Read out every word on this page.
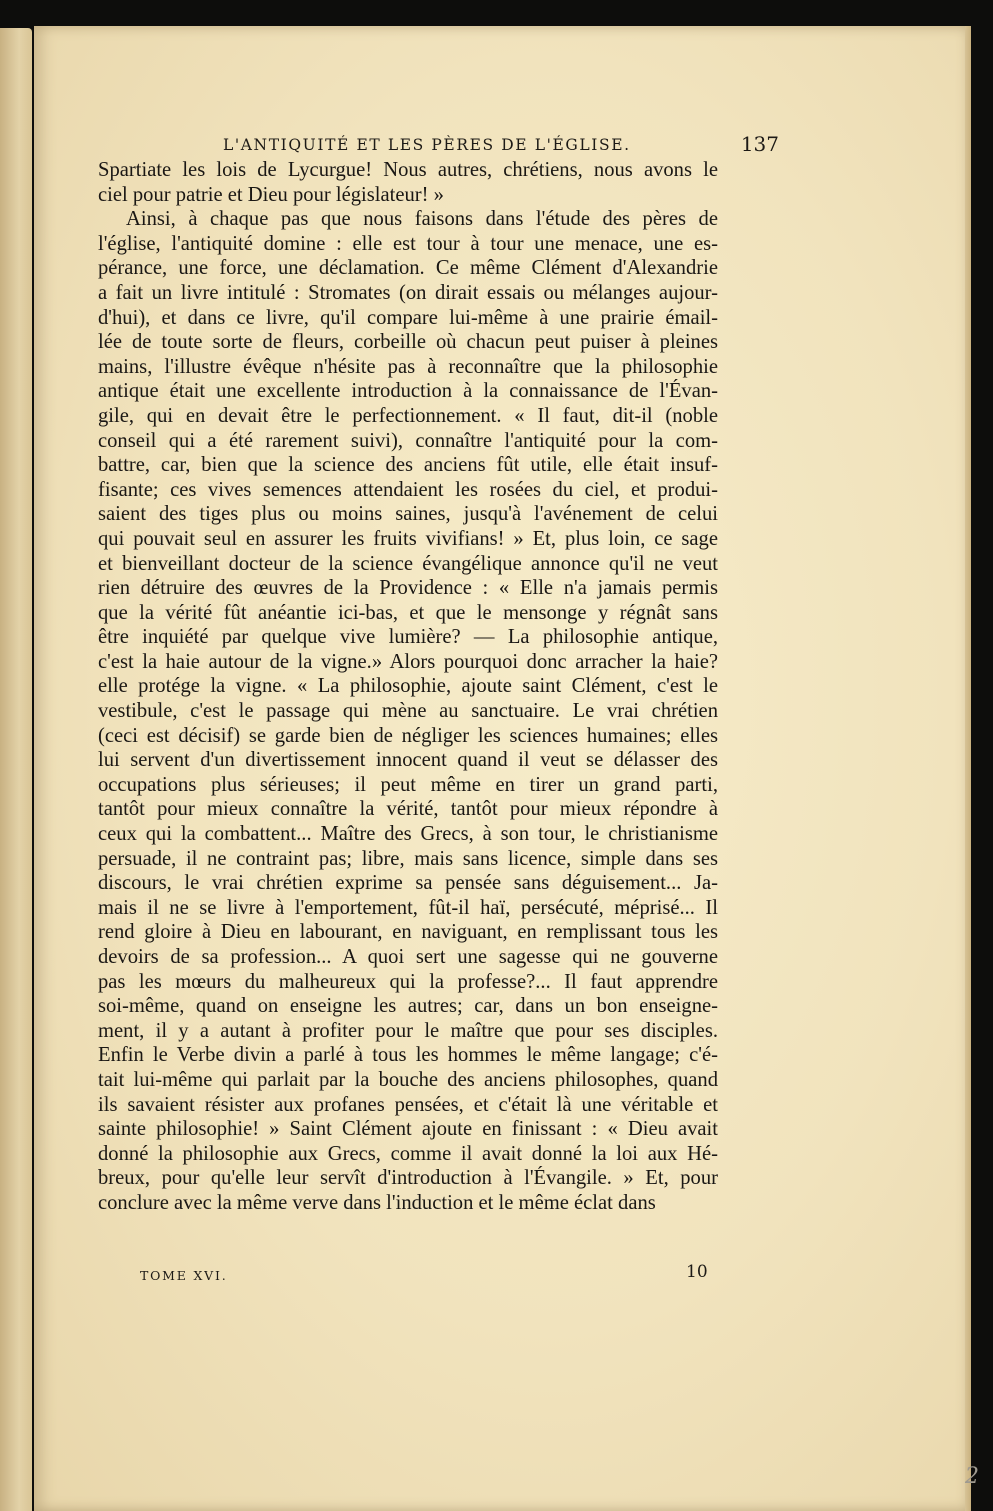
L'ANTIQUITÉ ET LES PÈRES DE L'ÉGLISE.	137
Spartiate les lois de Lycurgue! Nous autres, chrétiens, nous avons le
ciel pour patrie et Dieu pour législateur! »
Ainsi, à chaque pas que nous faisons dans l'étude des pères de
l'église, l'antiquité domine : elle est tour à tour une menace, une es-
pérance, une force, une déclamation. Ce même Clément d'Alexandrie
a fait un livre intitulé : Stromates (on dirait essais ou mélanges aujour-
d'hui), et dans ce livre, qu'il compare lui-même à une prairie émail-
lée de toute sorte de fleurs, corbeille où chacun peut puiser à pleines
mains, l'illustre évêque n'hésite pas à reconnaître que la philosophie
antique était une excellente introduction à la connaissance de l'Évan-
gile, qui en devait être le perfectionnement. « Il faut, dit-il (noble
conseil qui a été rarement suivi), connaître l'antiquité pour la com-
battre, car, bien que la science des anciens fût utile, elle était insuf-
fisante; ces vives semences attendaient les rosées du ciel, et produi-
saient des tiges plus ou moins saines, jusqu'à l'avénement de celui
qui pouvait seul en assurer les fruits vivifians! » Et, plus loin, ce sage
et bienveillant docteur de la science évangélique annonce qu'il ne veut
rien détruire des œuvres de la Providence : « Elle n'a jamais permis
que la vérité fût anéantie ici-bas, et que le mensonge y régnât sans
être inquiété par quelque vive lumière? — La philosophie antique,
c'est la haie autour de la vigne.» Alors pourquoi donc arracher la haie?
elle protége la vigne. « La philosophie, ajoute saint Clément, c'est le
vestibule, c'est le passage qui mène au sanctuaire. Le vrai chrétien
(ceci est décisif) se garde bien de négliger les sciences humaines; elles
lui servent d'un divertissement innocent quand il veut se délasser des
occupations plus sérieuses; il peut même en tirer un grand parti,
tantôt pour mieux connaître la vérité, tantôt pour mieux répondre à
ceux qui la combattent... Maître des Grecs, à son tour, le christianisme
persuade, il ne contraint pas; libre, mais sans licence, simple dans ses
discours, le vrai chrétien exprime sa pensée sans déguisement... Ja-
mais il ne se livre à l'emportement, fût-il haï, persécuté, méprisé... Il
rend gloire à Dieu en labourant, en naviguant, en remplissant tous les
devoirs de sa profession... A quoi sert une sagesse qui ne gouverne
pas les mœurs du malheureux qui la professe?... Il faut apprendre
soi-même, quand on enseigne les autres; car, dans un bon enseigne-
ment, il y a autant à profiter pour le maître que pour ses disciples.
Enfin le Verbe divin a parlé à tous les hommes le même langage; c'é-
tait lui-même qui parlait par la bouche des anciens philosophes, quand
ils savaient résister aux profanes pensées, et c'était là une véritable et
sainte philosophie! » Saint Clément ajoute en finissant : « Dieu avait
donné la philosophie aux Grecs, comme il avait donné la loi aux Hé-
breux, pour qu'elle leur servît d'introduction à l'Évangile. » Et, pour
conclure avec la même verve dans l'induction et le même éclat dans
TOME XVI.	10
2
